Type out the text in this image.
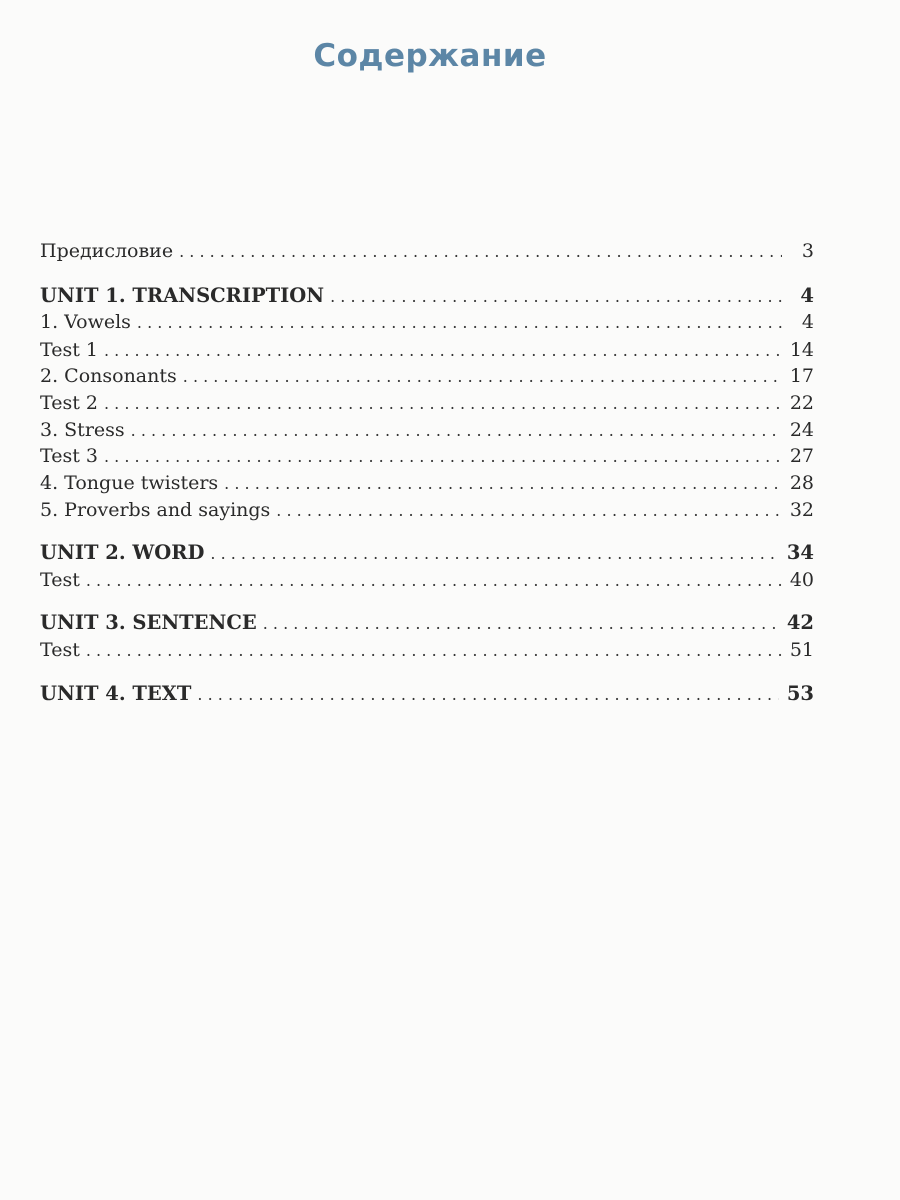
Содержание
Предисловие . . .	3
UNIT 1. TRANSCRIPTION . . .	4
1. Vowels . . .	4
Test 1 . . .	14
2. Consonants . . .	17
Test 2 . . .	22
3. Stress . . .	24
Test 3 . . .	27
4. Tongue twisters . . .	28
5. Proverbs and sayings . . .	32
UNIT 2. WORD . . .	34
Test . . .	40
UNIT 3. SENTENCE . . .	42
Test . . .	51
UNIT 4. TEXT . . .	53
